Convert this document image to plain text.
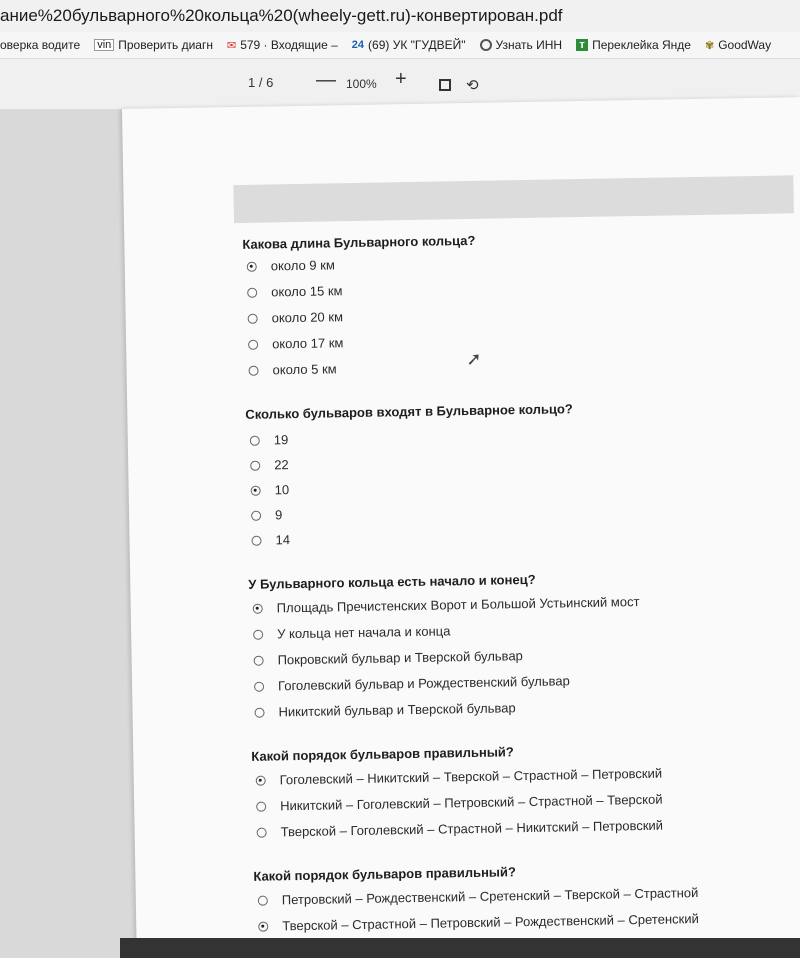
ание%20бульварного%20кольца%20(wheely-gett.ru)-конвертирован.pdf
оверка водите vin Проверить диагн ✉ 579 · Входящие – 24 (69) УК "ГУДВЕЙ"	Узнать ИНН т Переклейка Янде ✾ GoodWay
1 / 6 — 100% +	⟲
Какова длина Бульварного кольца?
около 9 км
около 15 км
около 20 км
около 17 км
около 5 км
➚
Сколько бульваров входят в Бульварное кольцо?
19
22
10
9
14
У Бульварного кольца есть начало и конец?
Площадь Пречистенских Ворот и Большой Устьинский мост
У кольца нет начала и конца
Покровский бульвар и Тверской бульвар
Гоголевский бульвар и Рождественский бульвар
Никитский бульвар и Тверской бульвар
Какой порядок бульваров правильный?
Гоголевский – Никитский – Тверской – Страстной – Петровский
Никитский – Гоголевский – Петровский – Страстной – Тверской
Тверской – Гоголевский – Страстной – Никитский – Петровский
Какой порядок бульваров правильный?
Петровский – Рождественский – Сретенский – Тверской – Страстной
Тверской – Страстной – Петровский – Рождественский – Сретенский
